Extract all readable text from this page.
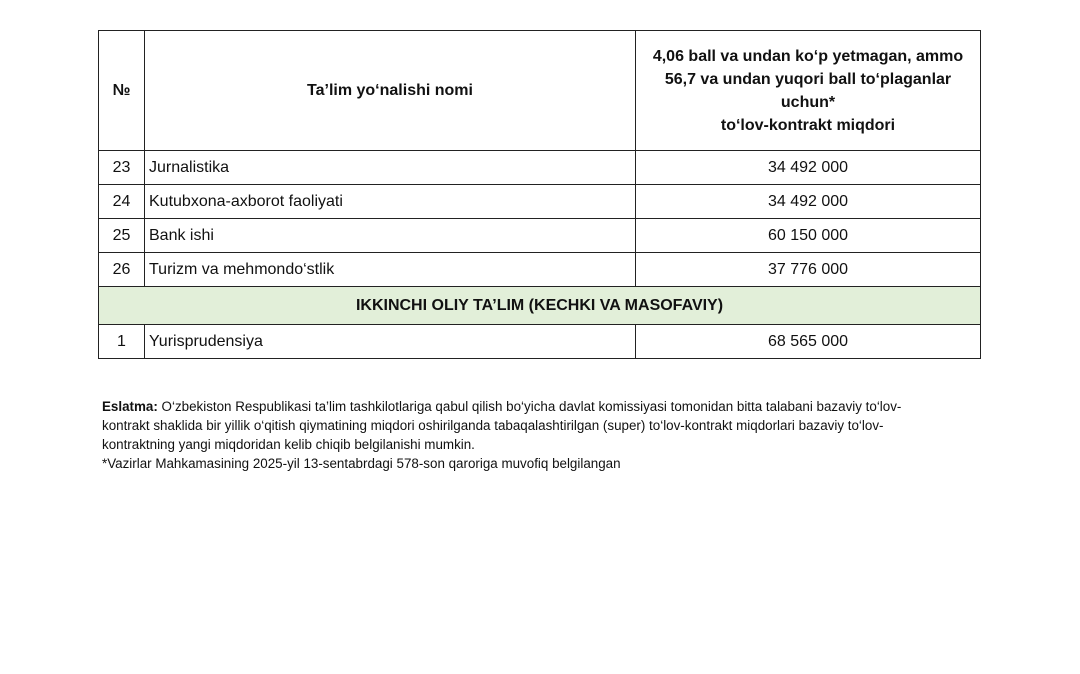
№	Ta’lim yo‘nalishi nomi	4,06 ball va undan ko‘p yetmagan, ammo
56,7 va undan yuqori ball to‘plaganlar
uchun*
to‘lov-kontrakt miqdori
23	Jurnalistika	34 492 000
24	Kutubxona-axborot faoliyati	34 492 000
25	Bank ishi	60 150 000
26	Turizm va mehmondo‘stlik	37 776 000
IKKINCHI OLIY TA’LIM (KECHKI VA MASOFAVIY)		
1	Yurisprudensiya	68 565 000

Eslatma: O‘zbekiston Respublikasi ta’lim tashkilotlariga qabul qilish bo‘yicha davlat komissiyasi tomonidan bitta talabani bazaviy to‘lov-
kontrakt shaklida bir yillik o‘qitish qiymatining miqdori oshirilganda tabaqalashtirilgan (super) to‘lov-kontrakt miqdorlari bazaviy to‘lov-
kontraktning yangi miqdoridan kelib chiqib belgilanishi mumkin.

*Vazirlar Mahkamasining 2025-yil 13-sentabrdagi 578-son qaroriga muvofiq belgilangan
